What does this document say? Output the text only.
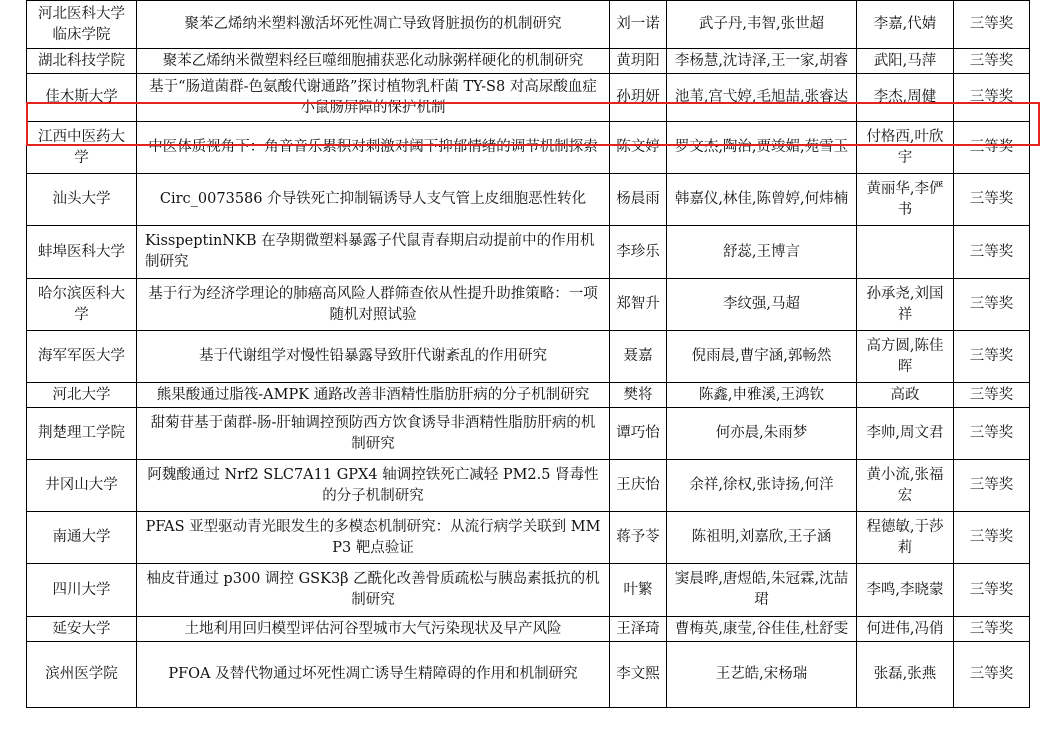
河北医科大学临床学院	聚苯乙烯纳米塑料激活坏死性凋亡导致肾脏损伤的机制研究	刘一诺	武子丹,韦智,张世超	李嘉,代婧	三等奖
湖北科技学院	聚苯乙烯纳米微塑料经巨噬细胞捕获恶化动脉粥样硬化的机制研究	黄玥阳	李杨慧,沈诗泽,王一家,胡睿	武阳,马萍	三等奖
佳木斯大学	基于“肠道菌群-色氨酸代谢通路”探讨植物乳杆菌 TY-S8 对高尿酸血症小鼠肠屏障的保护机制	孙玥妍	池苇,宫弋婷,毛旭喆,张睿达	李杰,周健	三等奖
江西中医药大学	中医体质视角下：角音音乐累积对刺激对阈下抑郁情绪的调节机制探索	陈文婷	罗文杰,陶治,贾竣媚,苑雪玉	付格西,叶欣宇	三等奖
汕头大学	Circ_0073586 介导铁死亡抑制镉诱导人支气管上皮细胞恶性转化	杨晨雨	韩嘉仪,林佳,陈曾婷,何炜楠	黄丽华,李俨书	三等奖
蚌埠医科大学	KisspeptinNKB 在孕期微塑料暴露子代鼠青春期启动提前中的作用机制研究	李珍乐	舒蕊,王博言		三等奖
哈尔滨医科大学	基于行为经济学理论的肺癌高风险人群筛查依从性提升助推策略：一项随机对照试验	郑智升	李纹强,马超	孙承尧,刘国祥	三等奖
海军军医大学	基于代谢组学对慢性铅暴露导致肝代谢紊乱的作用研究	聂嘉	倪雨晨,曹宇涵,郭畅然	高方圆,陈佳晖	三等奖
河北大学	熊果酸通过脂筏-AMPK 通路改善非酒精性脂肪肝病的分子机制研究	樊将	陈鑫,申雅溪,王鸿钦	高政	三等奖
荆楚理工学院	甜菊苷基于菌群-肠-肝轴调控预防西方饮食诱导非酒精性脂肪肝病的机制研究	谭巧怡	何亦晨,朱雨梦	李帅,周文君	三等奖
井冈山大学	阿魏酸通过 Nrf2 SLC7A11 GPX4 轴调控铁死亡减轻 PM2.5 肾毒性的分子机制研究	王庆怡	余祥,徐权,张诗扬,何洋	黄小流,张福宏	三等奖
南通大学	PFAS 亚型驱动青光眼发生的多模态机制研究：从流行病学关联到 MMP3 靶点验证	蒋予苓	陈祖明,刘嘉欣,王子涵	程德敏,于莎莉	三等奖
四川大学	柚皮苷通过 p300 调控 GSK3β 乙酰化改善骨质疏松与胰岛素抵抗的机制研究	叶繁	窦晨晔,唐煜皓,朱冠霖,沈喆珺	李鸣,李晓蒙	三等奖
延安大学	土地利用回归模型评估河谷型城市大气污染现状及早产风险	王泽琦	曹梅英,康莹,谷佳佳,杜舒雯	何进伟,冯俏	三等奖
滨州医学院	PFOA 及替代物通过坏死性凋亡诱导生精障碍的作用和机制研究	李文熙	王艺皓,宋杨瑞	张磊,张燕	三等奖
